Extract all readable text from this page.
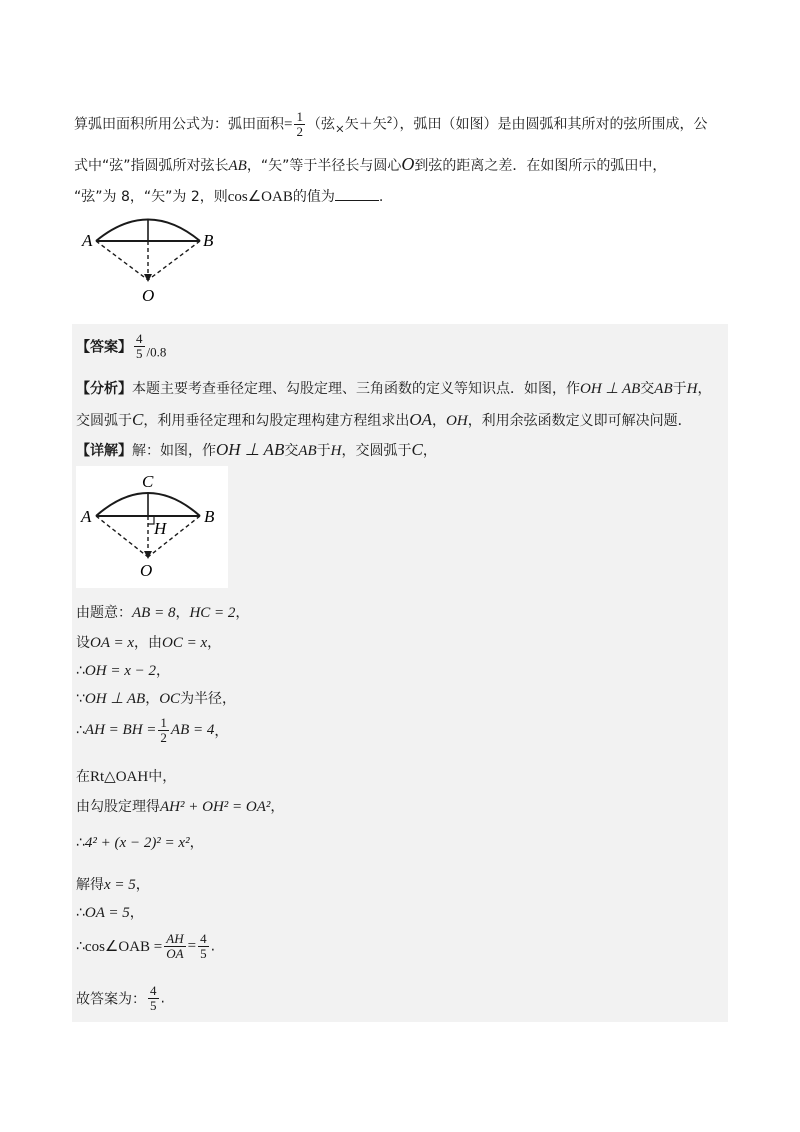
算弧田面积所用公式为：弧田面积= $\frac{1}{2}$ （弦$_\times$矢＋矢$^2$），弧田（如图）是由圆弧和其所对的弦所围成，公
式中“弦”指圆弧所对弦长AB，“矢”等于半径长与圆心O到弦的距离之差．在如图所示的弧田中，
“弦”为 8，“矢”为 2，则cos∠OAB的值为	.
A	B
O
【答案】 $\frac{4}{5} /0.8$
【分析】本题主要考查垂径定理、勾股定理、三角函数的定义等知识点．如图，作OH ⊥ AB交AB于H，
交圆弧于C，利用垂径定理和勾股定理构建方程组求出OA，OH，利用余弦函数定义即可解决问题．
【详解】解：如图，作OH ⊥ AB交AB于H，交圆弧于C，
C
A	B
H
O
由题意：AB = 8，HC = 2，
设OA = x，由OC = x，
∴OH = x − 2，
∵OH ⊥ AB，OC为半径，
∴AH = BH = $\frac{1}{2}$ AB = 4，
在Rt△OAH中，
由勾股定理得AH² + OH² = OA²，
∴4² + (x − 2)² = x²，
解得x = 5，
∴OA = 5，
∴cos∠OAB = $\frac{AH}{OA} = \frac{4}{5}$ .
故答案为： $\frac{4}{5}$ .
